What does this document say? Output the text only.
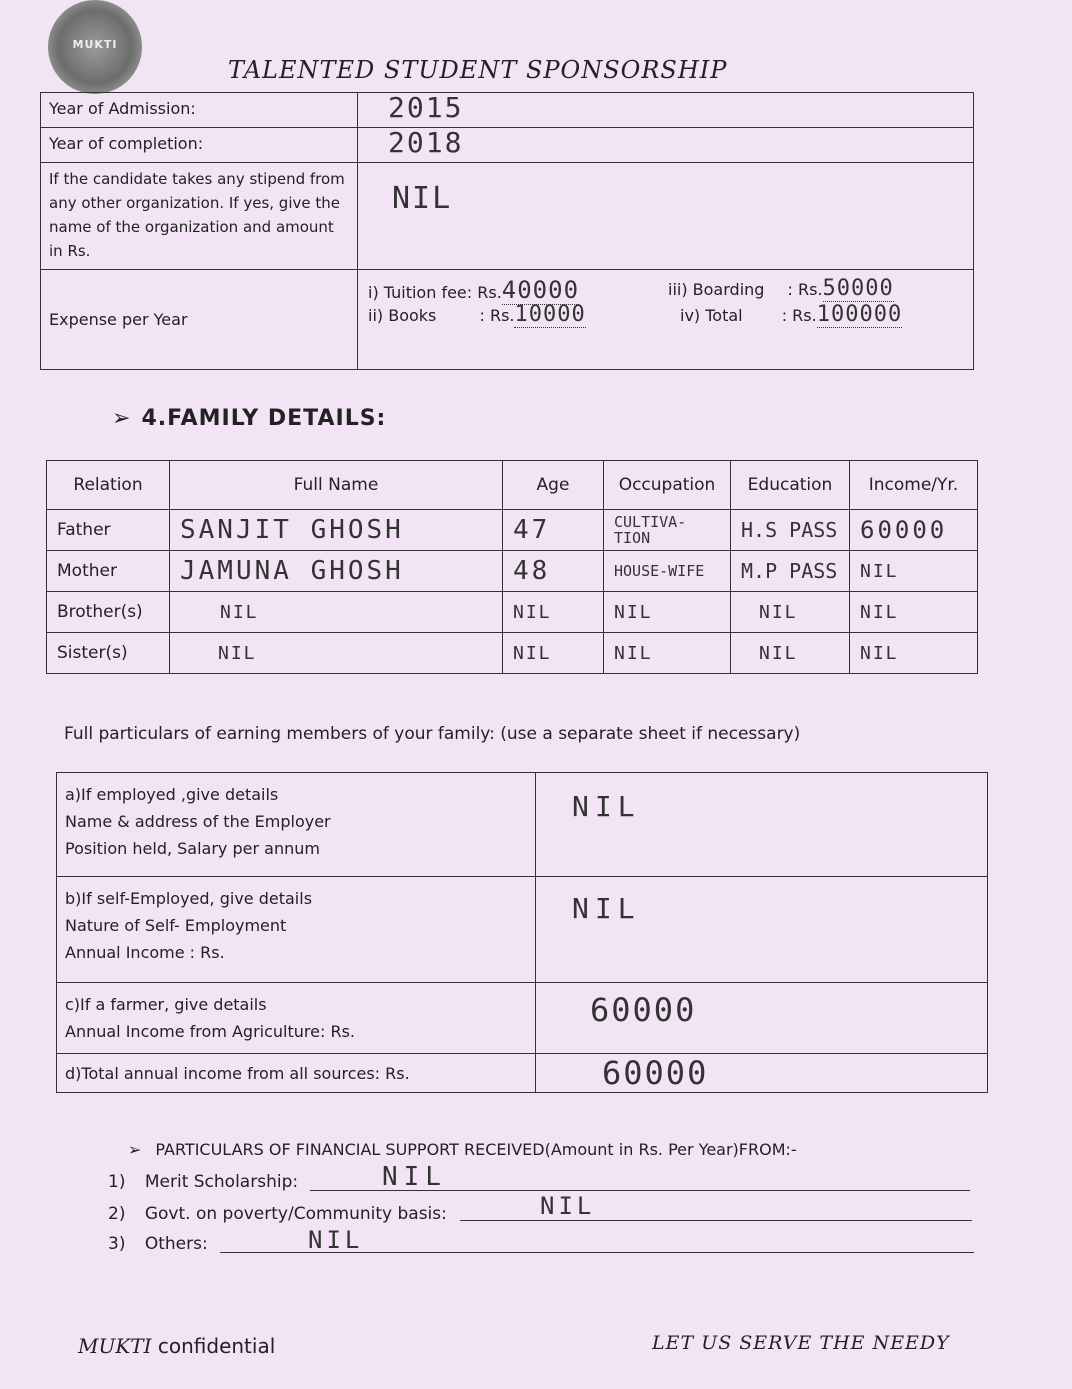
MUKTI
TALENTED STUDENT SPONSORSHIP
Year of Admission:	2015

Year of completion:	2018

If the candidate takes any stipend from any other organization. If yes, give the name of the organization and amount in Rs.	NIL

Expense per Year	i) Tuition fee: Rs.40000
ii) Books : Rs.10000
iii) Boarding : Rs.50000
iv) Total : Rs.100000
➢ 4.FAMILY DETAILS:
Relation	Full Name	Age	Occupation	Education	Income/Yr.
Father	SANJIT GHOSH	47	CULTIVA-TION	H.S PASS	60000
Mother	JAMUNA GHOSH	48	HOUSE-WIFE	M.P PASS	NIL
Brother(s)	NIL	NIL	NIL	NIL	NIL
Sister(s)	NIL	NIL	NIL	NIL	NIL
Full particulars of earning members of your family: (use a separate sheet if necessary)
a)If employed ,give details
Name & address of the Employer
Position held, Salary per annum	NIL

b)If self-Employed, give details
Nature of Self- Employment
Annual Income : Rs.	NIL

c)If a farmer, give details
Annual Income from Agriculture: Rs.	60000

d)Total annual income from all sources: Rs.	60000
➢ PARTICULARS OF FINANCIAL SUPPORT RECEIVED(Amount in Rs. Per Year)FROM:-
1) Merit Scholarship:	NIL
2) Govt. on poverty/Community basis:	NIL
3) Others:	NIL
MUKTI confidential	LET US SERVE THE NEEDY
